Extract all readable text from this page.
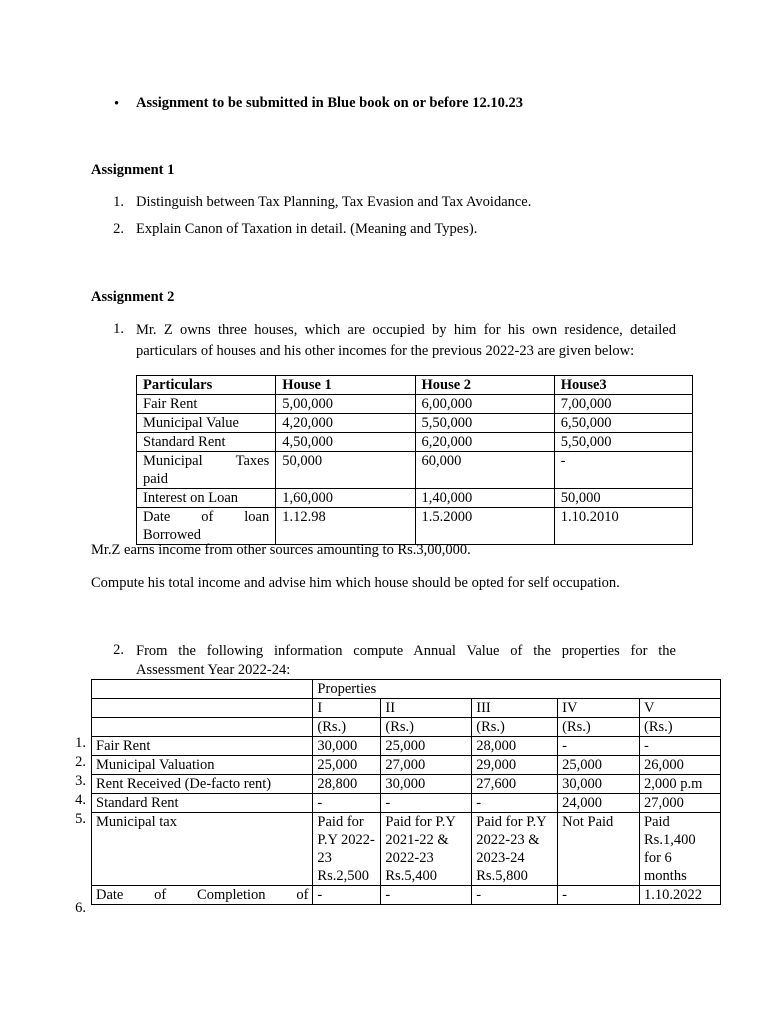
• Assignment to be submitted in Blue book on or before 12.10.23
Assignment 1
1. Distinguish between Tax Planning, Tax Evasion and Tax Avoidance.
2. Explain Canon of Taxation in detail. (Meaning and Types).
Assignment 2
1. Mr. Z owns three houses, which are occupied by him for his own residence, detailed
particulars of houses and his other incomes for the previous 2022-23 are given below:
Particulars	House 1	House 2	House3
Fair Rent	5,00,000	6,00,000	7,00,000
Municipal Value	4,20,000	5,50,000	6,50,000
Standard Rent	4,50,000	6,20,000	5,50,000

Municipal Taxes
paid	50,000	60,000	-
Interest on Loan	1,60,000	1,40,000	50,000

Date of loan
Borrowed	1.12.98	1.5.2000	1.10.2010
Mr.Z earns income from other sources amounting to Rs.3,00,000.
Compute his total income and advise him which house should be opted for self occupation.
2. From the following information compute Annual Value of the properties for the
Assessment Year 2022-24:
	Properties				
	I	II	III	IV	V
	(Rs.)	(Rs.)	(Rs.)	(Rs.)	(Rs.)
Fair Rent	30,000	25,000	28,000	-	-
Municipal Valuation	25,000	27,000	29,000	25,000	26,000
Rent Received (De-facto rent)	28,800	30,000	27,600	30,000	2,000 p.m
Standard Rent	-	-	-	24,000	27,000
Municipal tax	Paid for P.Y 2022-23 Rs.2,500	Paid for P.Y 2021-22 & 2022-23 Rs.5,400	Paid for P.Y 2022-23 & 2023-24 Rs.5,800	Not Paid	Paid Rs.1,400 for 6 months
Date of Completion of	-	-	-	-	1.10.2022
1.
2.
3.
4.
5.
6.
